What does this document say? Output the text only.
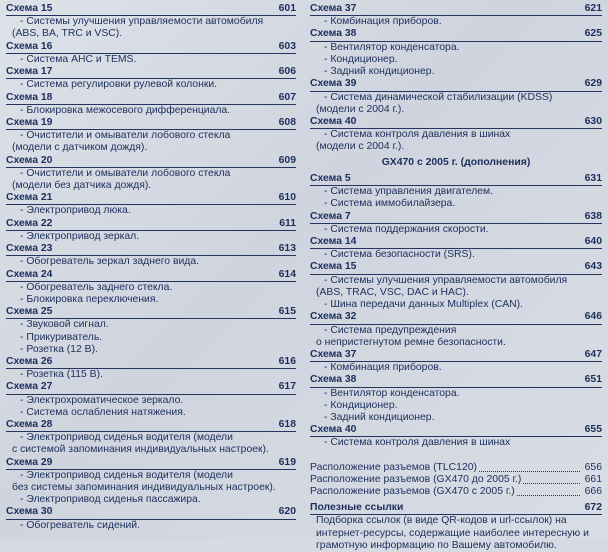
Схема 15	601
- Системы улучшения управляемости автомобиля
(ABS, BA, TRC и VSC).
Схема 16	603
- Система АНС и TEMS.
Схема 17	606
- Система регулировки рулевой колонки.
Схема 18	607
- Блокировка межосевого дифференциала.
Схема 19	608
- Очистители и омыватели лобового стекла
(модели с датчиком дождя).
Схема 20	609
- Очистители и омыватели лобового стекла
(модели без датчика дождя).
Схема 21	610
- Электропривод люка.
Схема 22	611
- Электропривод зеркал.
Схема 23	613
- Обогреватель зеркал заднего вида.
Схема 24	614
- Обогреватель заднего стекла.
- Блокировка переключения.
Схема 25	615
- Звуковой сигнал.
- Прикуриватель.
- Розетка (12 В).
Схема 26	616
- Розетка (115 В).
Схема 27	617
- Электрохроматическое зеркало.
- Система ослабления натяжения.
Схема 28	618
- Электропривод сиденья водителя (модели
с системой запоминания индивидуальных настроек).
Схема 29	619
- Электропривод сиденья водителя (модели
без системы запоминания индивидуальных настроек).
- Электропривод сиденья пассажира.
Схема 30	620
- Обогреватель сидений.
Схема 37	621
- Комбинация приборов.
Схема 38	625
- Вентилятор конденсатора.
- Кондиционер.
- Задний кондиционер.
Схема 39	629
- Система динамической стабилизации (KDSS)
(модели с 2004 г.).
Схема 40	630
- Система контроля давления в шинах
(модели с 2004 г.).
GX470 с 2005 г. (дополнения)
Схема 5	631
- Система управления двигателем.
- Система иммобилайзера.
Схема 7	638
- Система поддержания скорости.
Схема 14	640
- Система безопасности (SRS).
Схема 15	643
- Системы улучшения управляемости автомобиля
(ABS, TRAC, VSC, DAC и HAC).
- Шина передачи данных Multiplex (CAN).
Схема 32	646
- Система предупреждения
о непристегнутом ремне безопасности.
Схема 37	647
- Комбинация приборов.
Схема 38	651
- Вентилятор конденсатора.
- Кондиционер.
- Задний кондиционер.
Схема 40	655
- Система контроля давления в шинах
Расположение разъемов (TLC120)	656
Расположение разъемов (GX470 до 2005 г.)	661
Расположение разъемов (GX470 с 2005 г.)	666
Полезные ссылки	672
Подборка ссылок (в виде QR-кодов и url-ссылок) на интернет-ресурсы, содержащие наиболее интересную и грамотную информацию по Вашему автомобилю.
